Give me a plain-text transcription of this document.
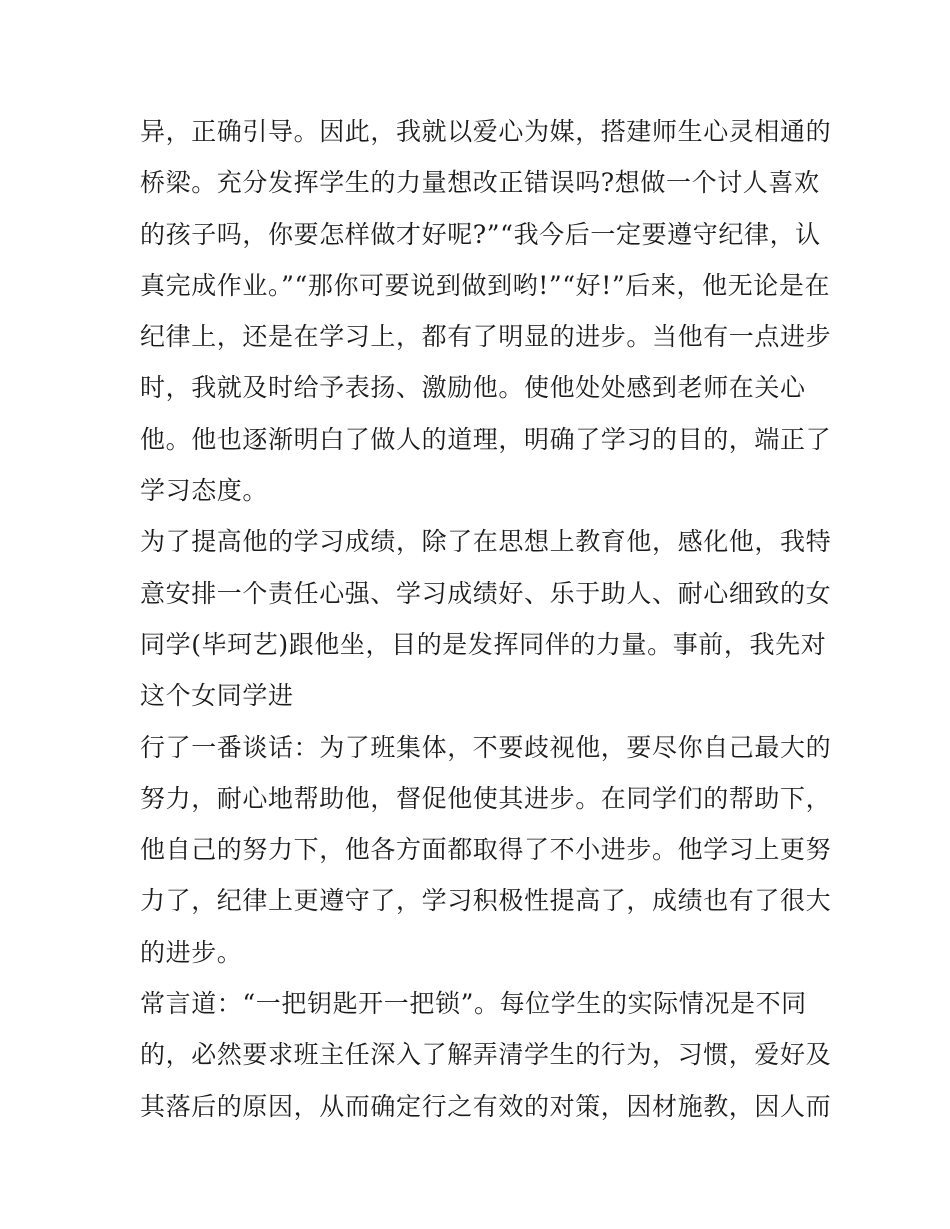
异，正确引导。因此，我就以爱心为媒，搭建师生心灵相通的
桥梁。充分发挥学生的力量想改正错误吗?想做一个讨人喜欢
的孩子吗，你要怎样做才好呢?”“我今后一定要遵守纪律，认
真完成作业。”“那你可要说到做到哟!”“好!”后来，他无论是在
纪律上，还是在学习上，都有了明显的进步。当他有一点进步
时，我就及时给予表扬、激励他。使他处处感到老师在关心
他。他也逐渐明白了做人的道理，明确了学习的目的，端正了
学习态度。
为了提高他的学习成绩，除了在思想上教育他，感化他，我特
意安排一个责任心强、学习成绩好、乐于助人、耐心细致的女
同学(毕珂艺)跟他坐，目的是发挥同伴的力量。事前，我先对
这个女同学进
行了一番谈话：为了班集体，不要歧视他，要尽你自己最大的
努力，耐心地帮助他，督促他使其进步。在同学们的帮助下，
他自己的努力下，他各方面都取得了不小进步。他学习上更努
力了，纪律上更遵守了，学习积极性提高了，成绩也有了很大
的进步。
常言道：“一把钥匙开一把锁”。每位学生的实际情况是不同
的，必然要求班主任深入了解弄清学生的行为，习惯，爱好及
其落后的原因，从而确定行之有效的对策，因材施教，因人而
